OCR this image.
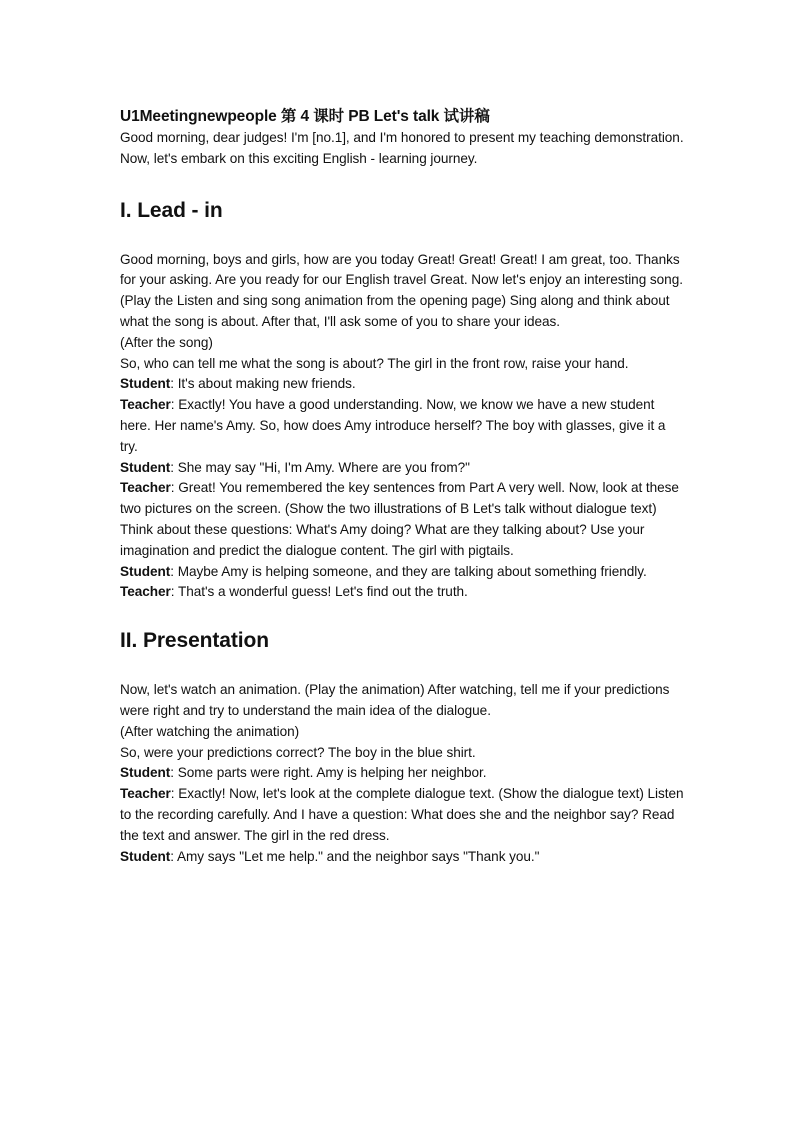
U1Meetingnewpeople 第 4 课时 PB Let's talk 试讲稿

Good morning, dear judges! I'm [no.1], and I'm honored to present my teaching demonstration. Now, let's embark on this exciting English - learning journey.

I. Lead - in

Good morning, boys and girls, how are you today Great! Great! Great! I am great, too. Thanks for your asking. Are you ready for our English travel Great. Now let's enjoy an interesting song. (Play the Listen and sing song animation from the opening page) Sing along and think about what the song is about. After that, I'll ask some of you to share your ideas.

(After the song)

So, who can tell me what the song is about? The girl in the front row, raise your hand.

Student: It's about making new friends.

Teacher: Exactly! You have a good understanding. Now, we know we have a new student here. Her name's Amy. So, how does Amy introduce herself? The boy with glasses, give it a try.

Student: She may say "Hi, I'm Amy. Where are you from?"

Teacher: Great! You remembered the key sentences from Part A very well. Now, look at these two pictures on the screen. (Show the two illustrations of B Let's talk without dialogue text) Think about these questions: What's Amy doing? What are they talking about? Use your imagination and predict the dialogue content. The girl with pigtails.

Student: Maybe Amy is helping someone, and they are talking about something friendly.

Teacher: That's a wonderful guess! Let's find out the truth.

II. Presentation

Now, let's watch an animation. (Play the animation) After watching, tell me if your predictions were right and try to understand the main idea of the dialogue.

(After watching the animation)

So, were your predictions correct? The boy in the blue shirt.

Student: Some parts were right. Amy is helping her neighbor.

Teacher: Exactly! Now, let's look at the complete dialogue text. (Show the dialogue text) Listen to the recording carefully. And I have a question: What does she and the neighbor say? Read the text and answer. The girl in the red dress.

Student: Amy says "Let me help." and the neighbor says "Thank you."
